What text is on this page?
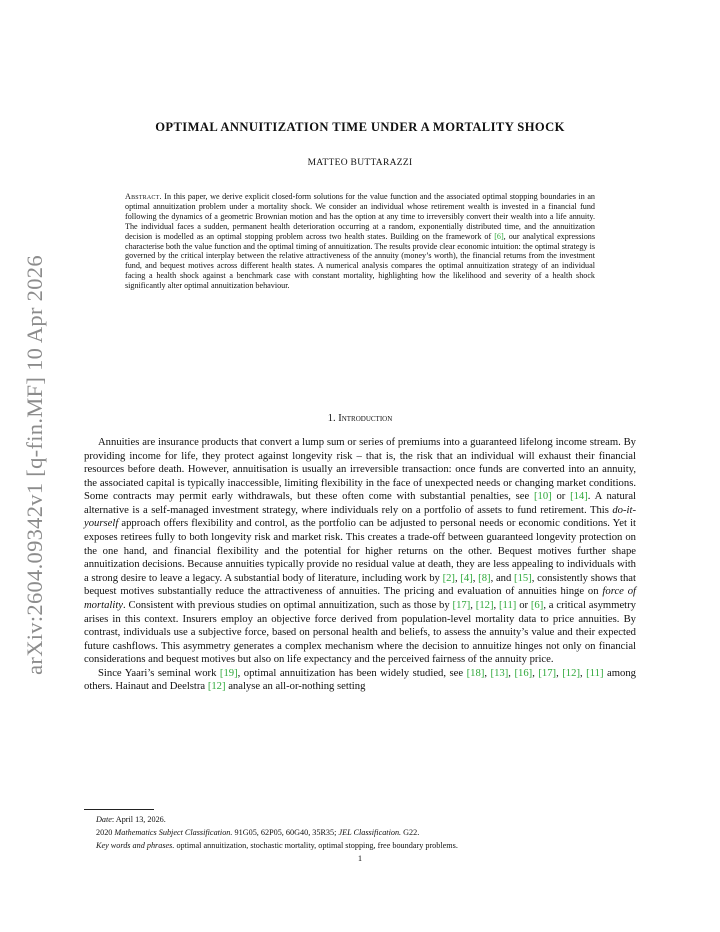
arXiv:2604.09342v1 [q-fin.MF] 10 Apr 2026
OPTIMAL ANNUITIZATION TIME UNDER A MORTALITY SHOCK
MATTEO BUTTARAZZI
Abstract. In this paper, we derive explicit closed-form solutions for the value function and the associated optimal stopping boundaries in an optimal annuitization problem under a mortality shock. We consider an individual whose retirement wealth is invested in a financial fund following the dynamics of a geometric Brownian motion and has the option at any time to irreversibly convert their wealth into a life annuity. The individual faces a sudden, permanent health deterioration occurring at a random, exponentially distributed time, and the annuitization decision is modelled as an optimal stopping problem across two health states. Building on the framework of [6], our analytical expressions characterise both the value function and the optimal timing of annuitization. The results provide clear economic intuition: the optimal strategy is governed by the critical interplay between the relative attractiveness of the annuity (money’s worth), the financial returns from the investment fund, and bequest motives across different health states. A numerical analysis compares the optimal annuitization strategy of an individual facing a health shock against a benchmark case with constant mortality, highlighting how the likelihood and severity of a health shock significantly alter optimal annuitization behaviour.
1. Introduction

Annuities are insurance products that convert a lump sum or series of premiums into a guaranteed lifelong income stream. By providing income for life, they protect against longevity risk – that is, the risk that an individual will exhaust their financial resources before death. However, annuitisation is usually an irreversible transaction: once funds are converted into an annuity, the associated capital is typically inaccessible, limiting flexibility in the face of unexpected needs or changing market conditions. Some contracts may permit early withdrawals, but these often come with substantial penalties, see [10] or [14]. A natural alternative is a self-managed investment strategy, where individuals rely on a portfolio of assets to fund retirement. This do-it-yourself approach offers flexibility and control, as the portfolio can be adjusted to personal needs or economic conditions. Yet it exposes retirees fully to both longevity risk and market risk. This creates a trade-off between guaranteed longevity protection on the one hand, and financial flexibility and the potential for higher returns on the other. Bequest motives further shape annuitization decisions. Because annuities typically provide no residual value at death, they are less appealing to individuals with a strong desire to leave a legacy. A substantial body of literature, including work by [2], [4], [8], and [15], consistently shows that bequest motives substantially reduce the attractiveness of annuities. The pricing and evaluation of annuities hinge on force of mortality. Consistent with previous studies on optimal annuitization, such as those by [17], [12], [11] or [6], a critical asymmetry arises in this context. Insurers employ an objective force derived from population-level mortality data to price annuities. By contrast, individuals use a subjective force, based on personal health and beliefs, to assess the annuity’s value and their expected future cashflows. This asymmetry generates a complex mechanism where the decision to annuitize hinges not only on financial considerations and bequest motives but also on life expectancy and the perceived fairness of the annuity price.

Since Yaari’s seminal work [19], optimal annuitization has been widely studied, see [18], [13], [16], [17], [12], [11] among others. Hainaut and Deelstra [12] analyse an all-or-nothing setting

Date: April 13, 2026.
2020 Mathematics Subject Classification. 91G05, 62P05, 60G40, 35R35; JEL Classification. G22.
Key words and phrases. optimal annuitization, stochastic mortality, optimal stopping, free boundary problems.
1
